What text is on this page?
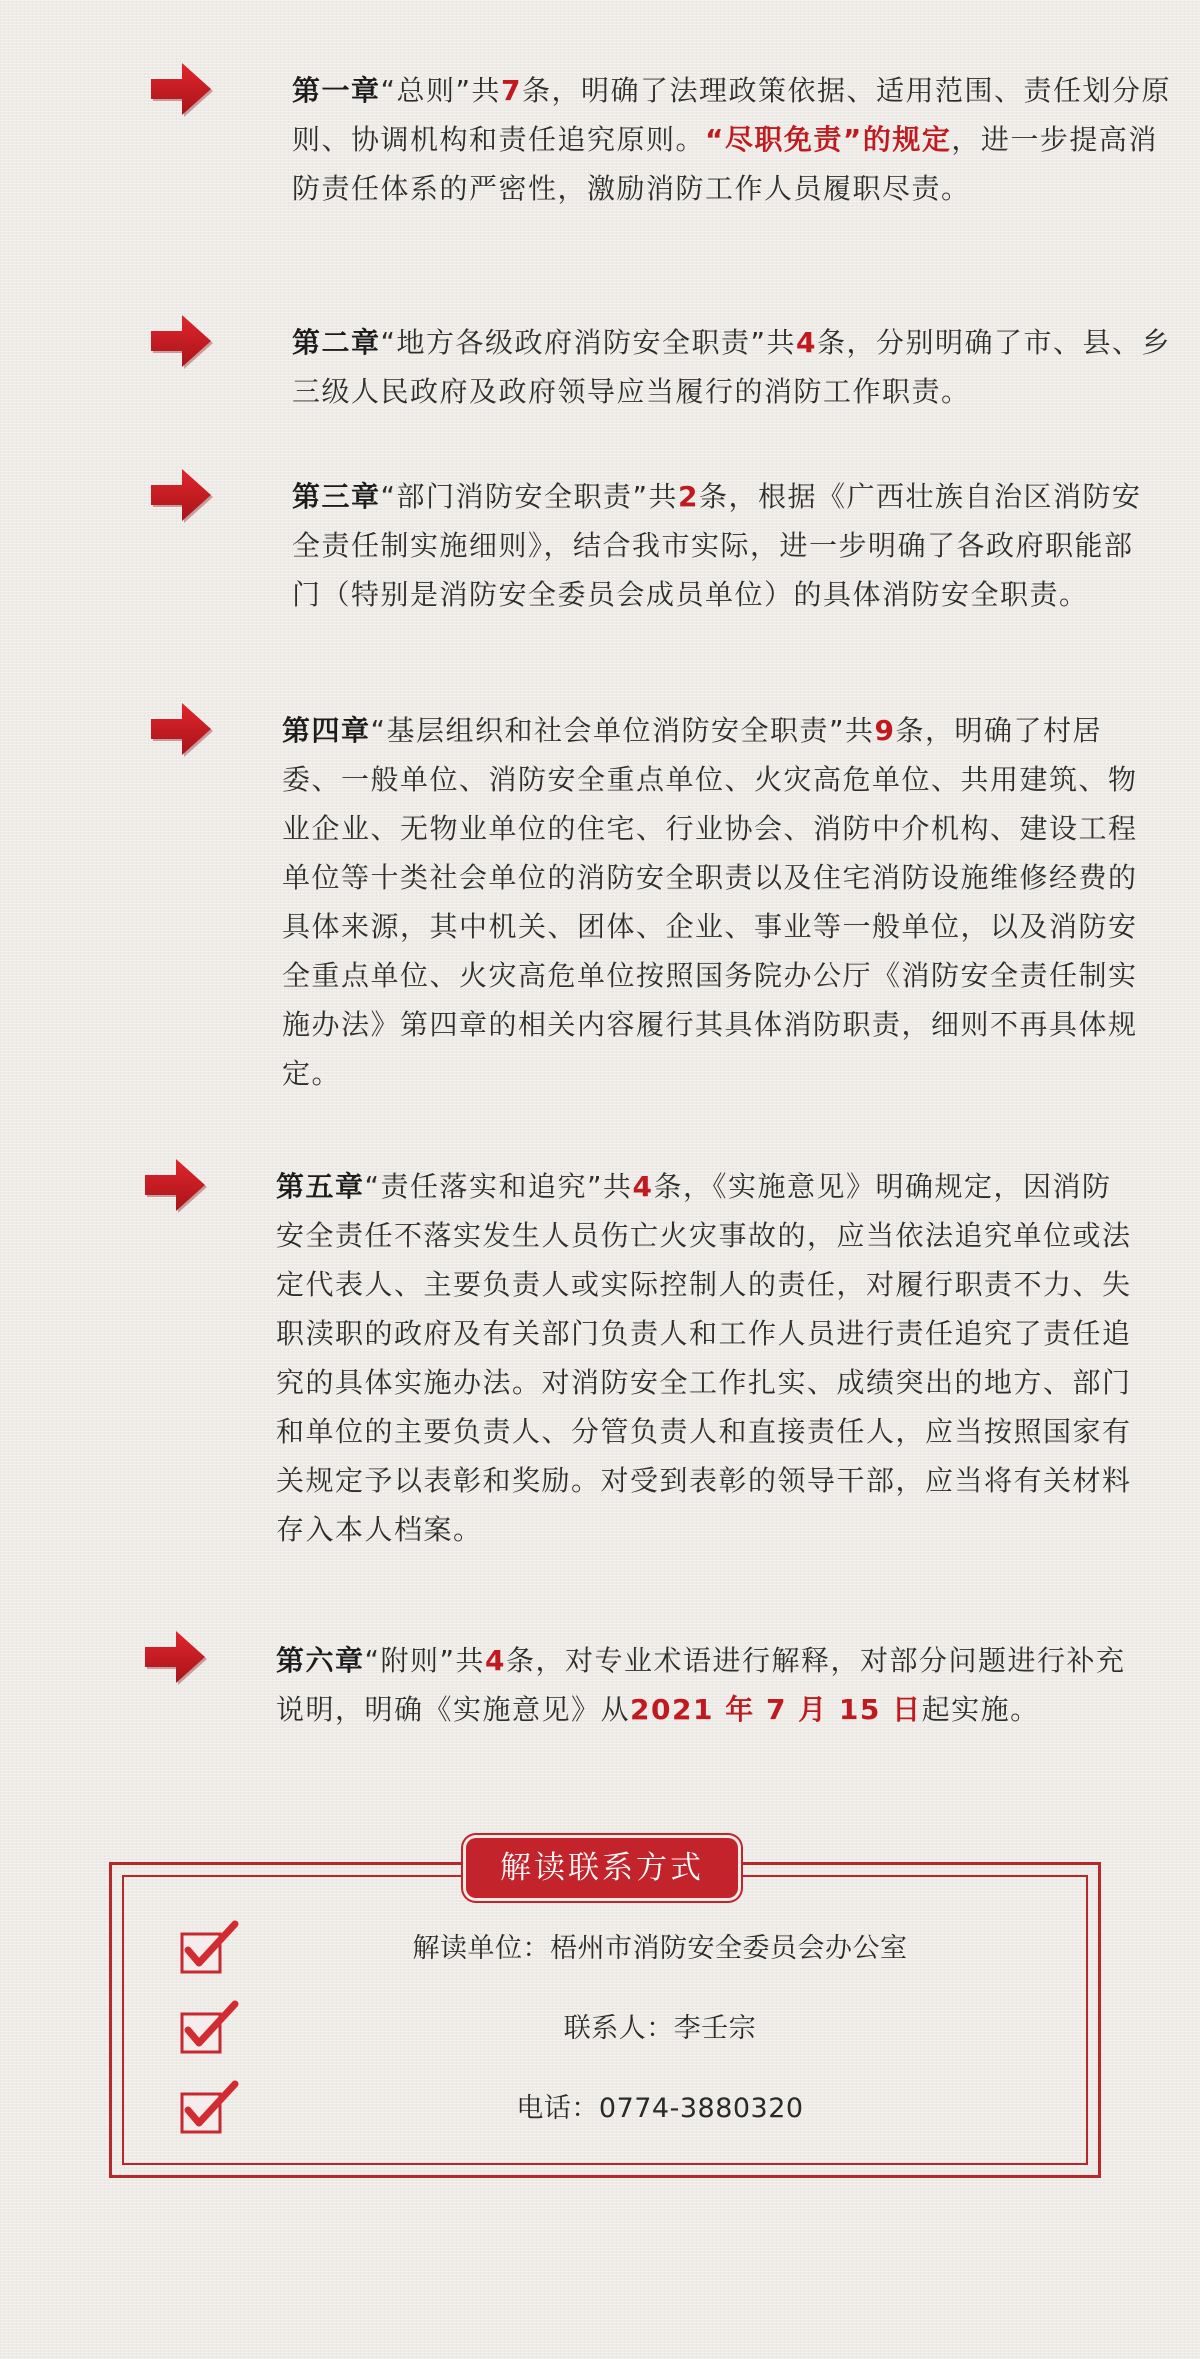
第一章“总则”共7条，明确了法理政策依据、适用范围、责任划分原则、协调机构和责任追究原则。“尽职免责”的规定，进一步提高消防责任体系的严密性，激励消防工作人员履职尽责。
第二章“地方各级政府消防安全职责”共4条，分别明确了市、县、乡三级人民政府及政府领导应当履行的消防工作职责。
第三章“部门消防安全职责”共2条，根据《广西壮族自治区消防安全责任制实施细则》，结合我市实际，进一步明确了各政府职能部门（特别是消防安全委员会成员单位）的具体消防安全职责。
第四章“基层组织和社会单位消防安全职责”共9条，明确了村居委、一般单位、消防安全重点单位、火灾高危单位、共用建筑、物业企业、无物业单位的住宅、行业协会、消防中介机构、建设工程单位等十类社会单位的消防安全职责以及住宅消防设施维修经费的具体来源，其中机关、团体、企业、事业等一般单位，以及消防安全重点单位、火灾高危单位按照国务院办公厅《消防安全责任制实施办法》第四章的相关内容履行其具体消防职责，细则不再具体规定。
第五章“责任落实和追究”共4条，《实施意见》明确规定，因消防安全责任不落实发生人员伤亡火灾事故的，应当依法追究单位或法定代表人、主要负责人或实际控制人的责任，对履行职责不力、失职渎职的政府及有关部门负责人和工作人员进行责任追究了责任追究的具体实施办法。对消防安全工作扎实、成绩突出的地方、部门和单位的主要负责人、分管负责人和直接责任人，应当按照国家有关规定予以表彰和奖励。对受到表彰的领导干部，应当将有关材料存入本人档案。
第六章“附则”共4条，对专业术语进行解释，对部分问题进行补充说明，明确《实施意见》从2021 年 7 月 15 日起实施。
解读联系方式
解读单位：梧州市消防安全委员会办公室
联系人：李壬宗
电话：0774-3880320
